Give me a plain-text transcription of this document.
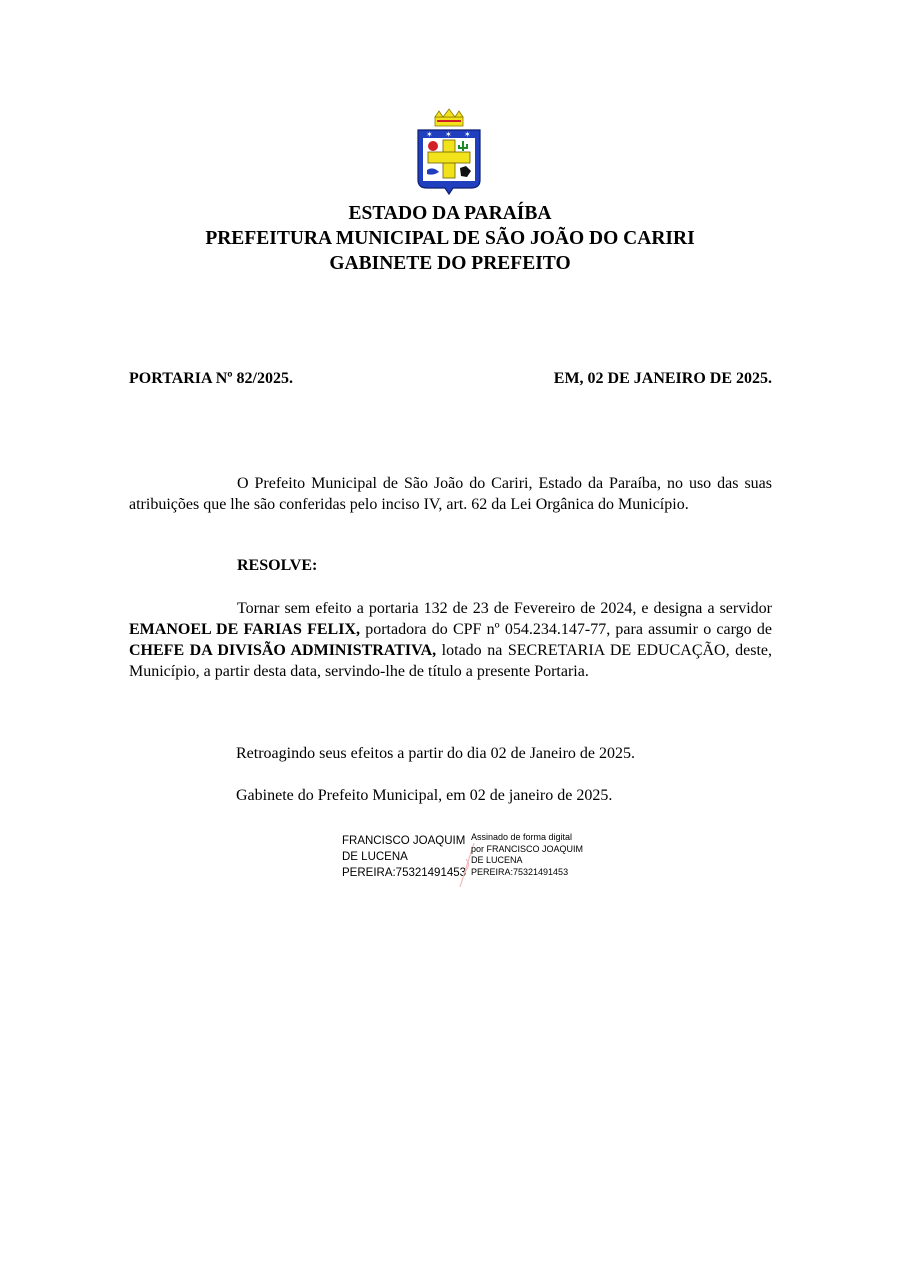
✶ ✶ ✶
ESTADO DA PARAÍBA
PREFEITURA MUNICIPAL DE SÃO JOÃO DO CARIRI
GABINETE DO PREFEITO
PORTARIA Nº 82/2025.	EM, 02 DE JANEIRO DE 2025.
O Prefeito Municipal de São João do Cariri, Estado da Paraíba, no uso das suas atribuições que lhe são conferidas pelo inciso IV, art. 62 da Lei Orgânica do Município.
RESOLVE:
Tornar sem efeito a portaria 132 de 23 de Fevereiro de 2024, e designa a servidor EMANOEL DE FARIAS FELIX, portadora do CPF nº 054.234.147-77, para assumir o cargo de CHEFE DA DIVISÃO ADMINISTRATIVA, lotado na SECRETARIA DE EDUCAÇÃO, deste, Município, a partir desta data, servindo-lhe de título a presente Portaria.
Retroagindo seus efeitos a partir do dia 02 de Janeiro de 2025.
Gabinete do Prefeito Municipal, em 02 de janeiro de 2025.
FRANCISCO JOAQUIM
DE LUCENA
PEREIRA:75321491453
Assinado de forma digital
por FRANCISCO JOAQUIM
DE LUCENA
PEREIRA:75321491453
